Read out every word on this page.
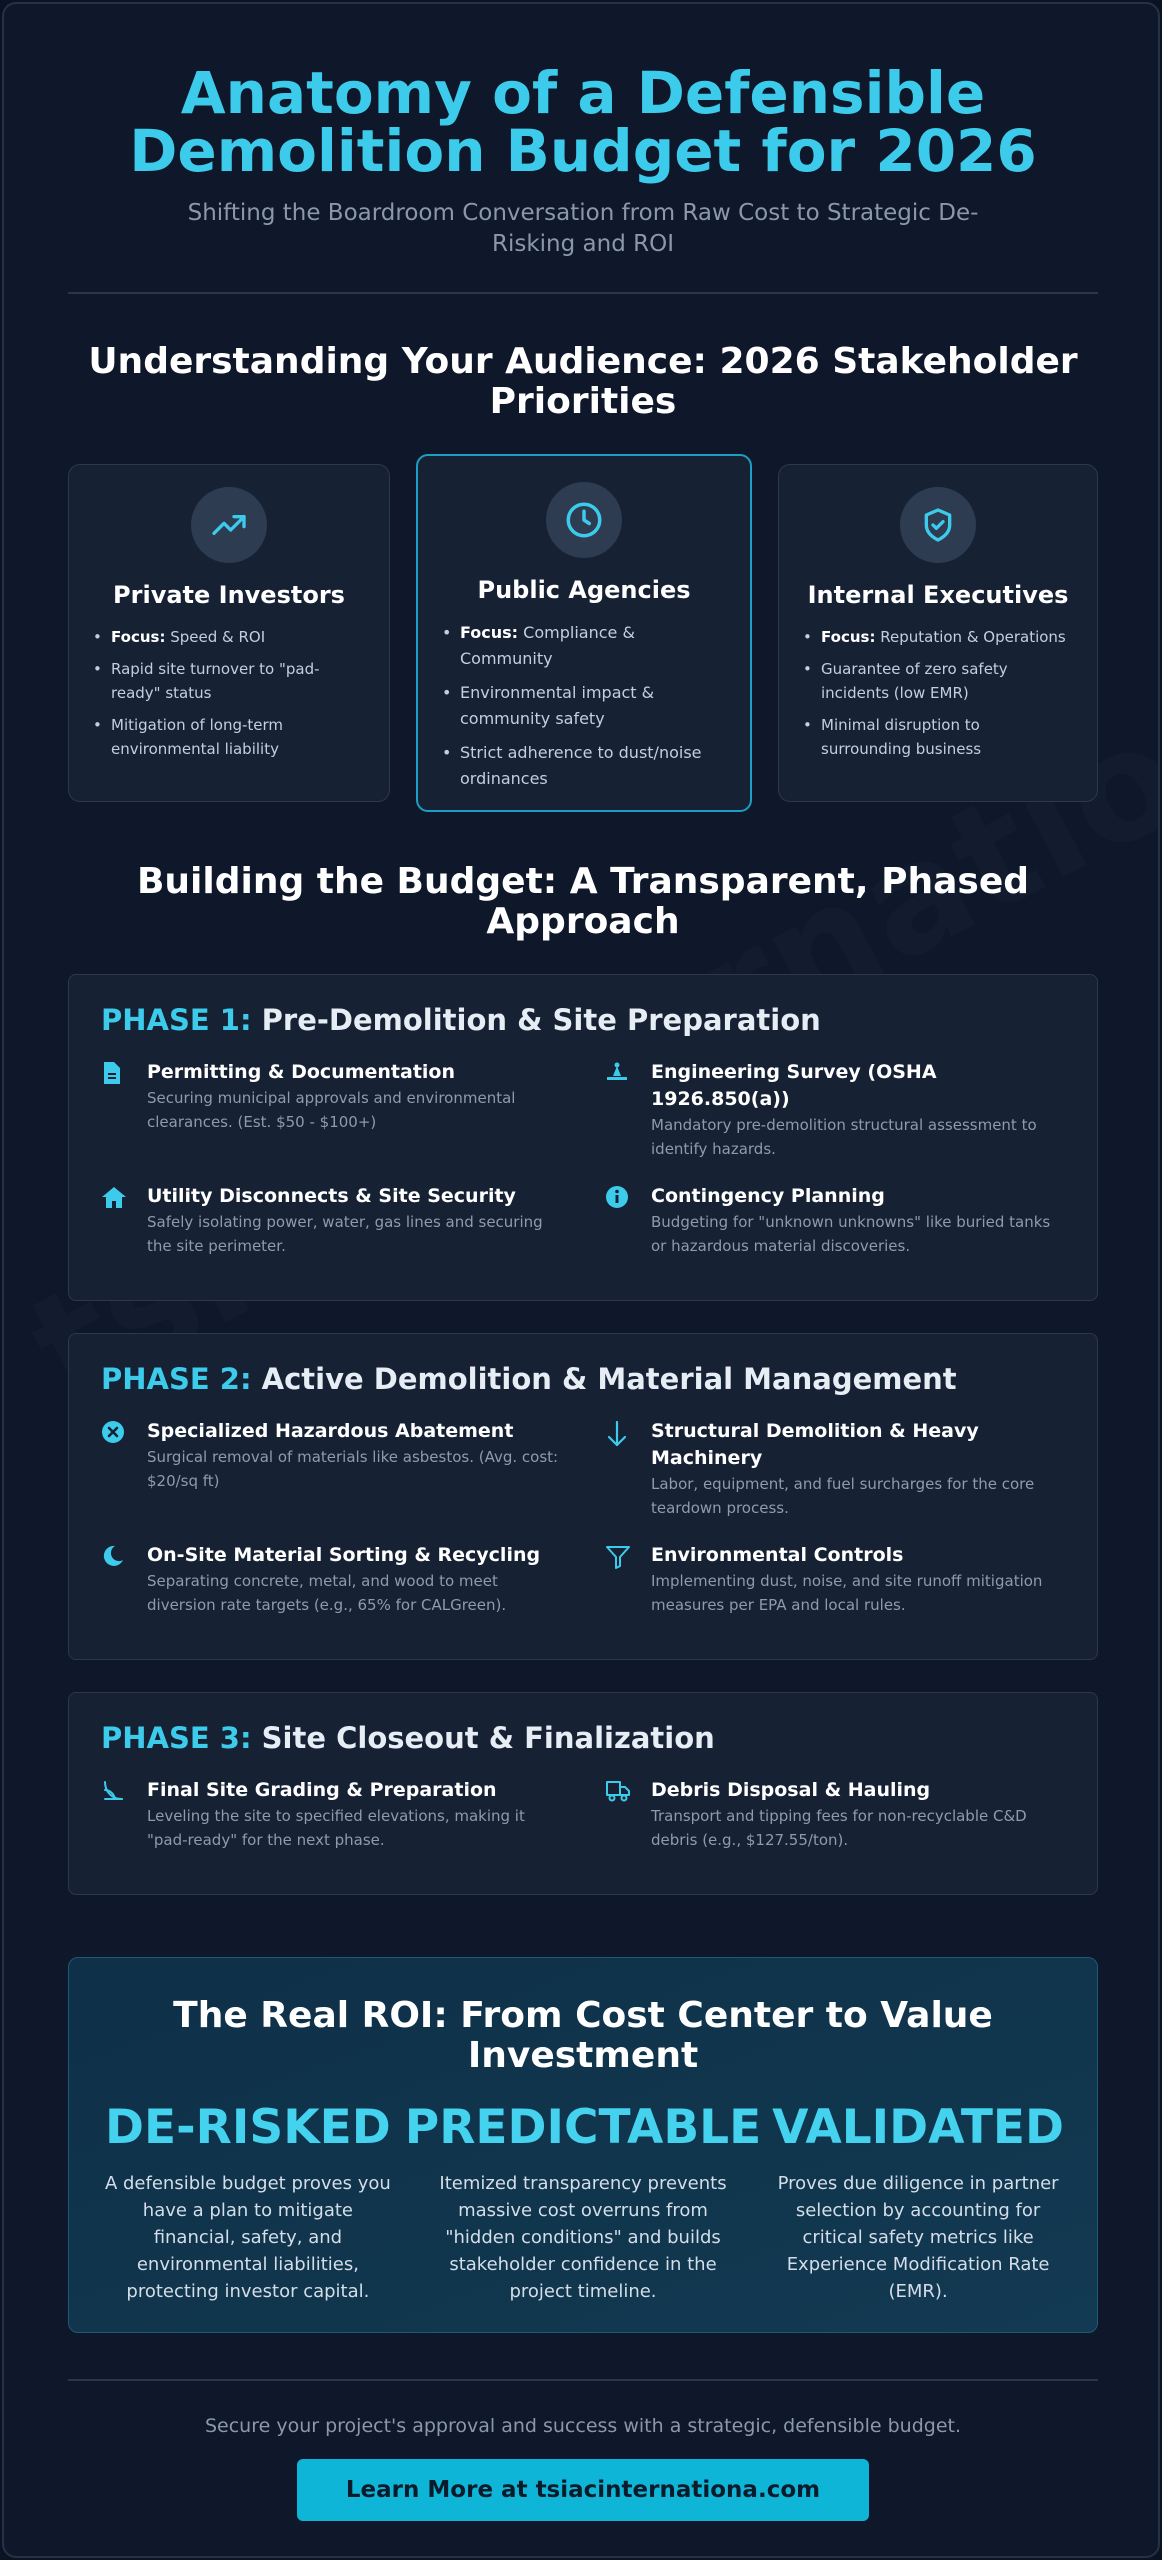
Anatomy of a Defensible
Demolition Budget for 2026

Shifting the Boardroom Conversation from Raw Cost to Strategic De-Risking and ROI

Understanding Your Audience: 2026 Stakeholder Priorities
Private Investors
• Focus: Speed & ROI
• Rapid site turnover to "pad-ready" status
• Mitigation of long-term environmental liability
Public Agencies
• Focus: Compliance & Community
• Environmental impact & community safety
• Strict adherence to dust/noise ordinances
Internal Executives
• Focus: Reputation & Operations
• Guarantee of zero safety incidents (low EMR)
• Minimal disruption to surrounding business
Building the Budget: A Transparent, Phased Approach
PHASE 1: Pre-Demolition & Site Preparation
Permitting & Documentation

Securing municipal approvals and environmental clearances. (Est. $50 - $100+)

Engineering Survey (OSHA 1926.850(a))

Mandatory pre-demolition structural assessment to identify hazards.

Utility Disconnects & Site Security

Safely isolating power, water, gas lines and securing the site perimeter.

Contingency Planning

Budgeting for "unknown unknowns" like buried tanks or hazardous material discoveries.

PHASE 2: Active Demolition & Material Management
Specialized Hazardous Abatement

Surgical removal of materials like asbestos. (Avg. cost: $20/sq ft)

Structural Demolition & Heavy Machinery

Labor, equipment, and fuel surcharges for the core teardown process.

On-Site Material Sorting & Recycling

Separating concrete, metal, and wood to meet diversion rate targets (e.g., 65% for CALGreen).

Environmental Controls

Implementing dust, noise, and site runoff mitigation measures per EPA and local rules.

PHASE 3: Site Closeout & Finalization
Final Site Grading & Preparation

Leveling the site to specified elevations, making it "pad-ready" for the next phase.

Debris Disposal & Hauling

Transport and tipping fees for non-recyclable C&D debris (e.g., $127.55/ton).

The Real ROI: From Cost Center to Value Investment
DE-RISKED

A defensible budget proves you have a plan to mitigate financial, safety, and environmental liabilities, protecting investor capital.

PREDICTABLE

Itemized transparency prevents massive cost overruns from "hidden conditions" and builds stakeholder confidence in the project timeline.

VALIDATED

Proves due diligence in partner selection by accounting for critical safety metrics like Experience Modification Rate (EMR).

Secure your project's approval and success with a strategic, defensible budget.

Learn More at tsiacinternationa.com
